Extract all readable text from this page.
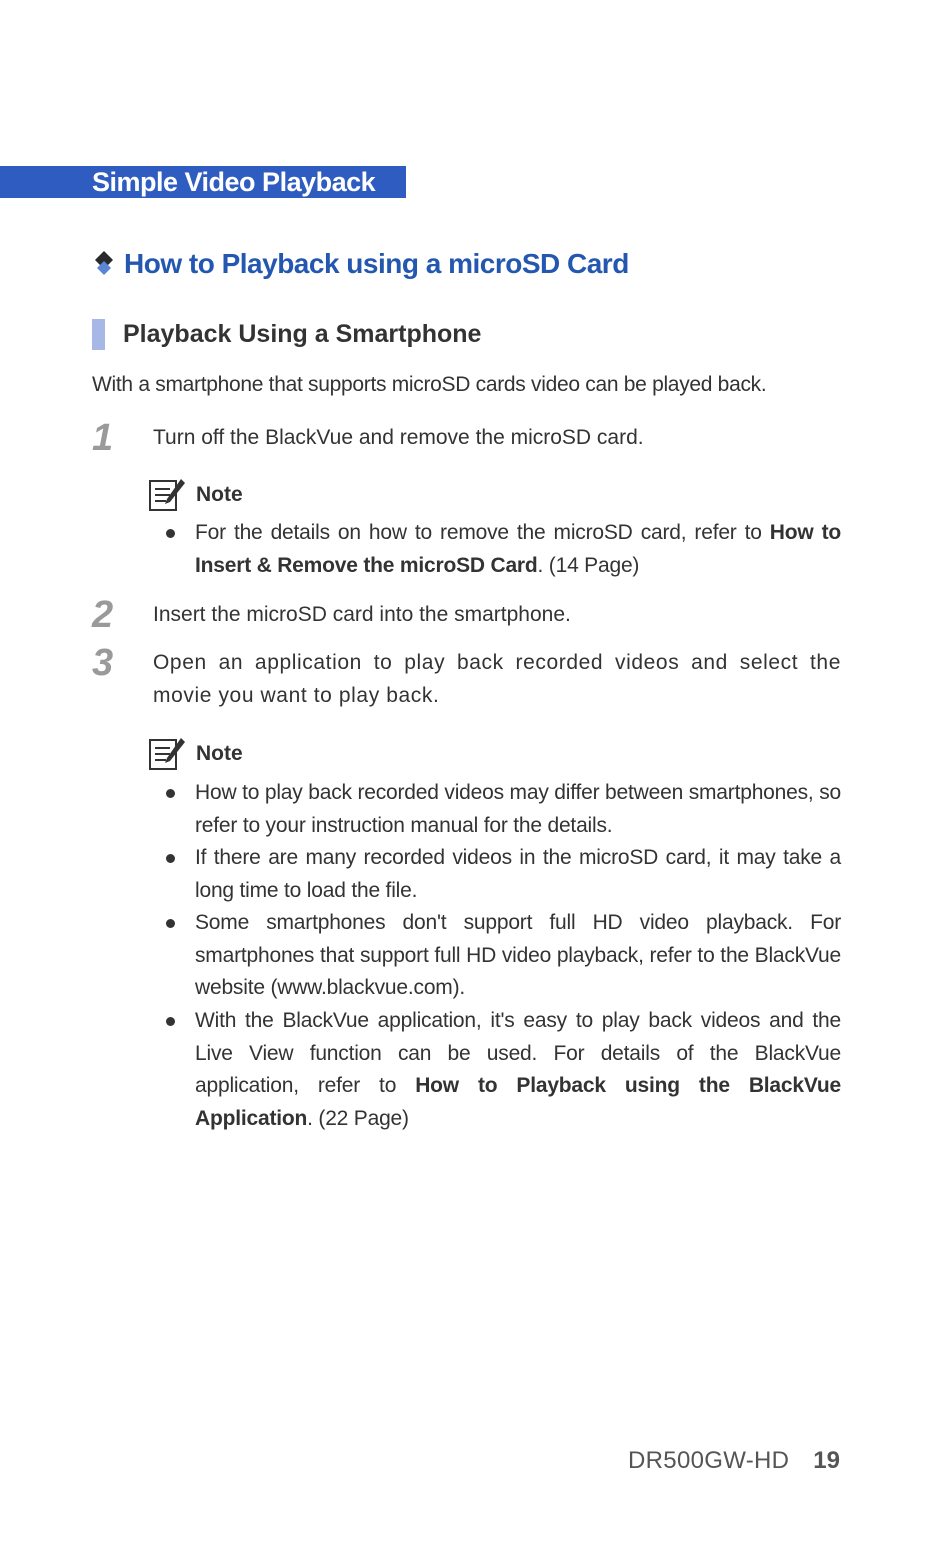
Simple Video Playback
How to Playback using a microSD Card
Playback Using a Smartphone
With a smartphone that supports microSD cards video can be played back.
1 Turn off the BlackVue and remove the microSD card.
Note
For the details on how to remove the microSD card, refer to How to Insert & Remove the microSD Card. (14 Page)
2 Insert the microSD card into the smartphone.
3 Open an application to play back recorded videos and select the movie you want to play back.
Note
How to play back recorded videos may differ between smartphones, so refer to your instruction manual for the details.
If there are many recorded videos in the microSD card, it may take a long time to load the file.
Some smartphones don't support full HD video playback. For smartphones that support full HD video playback, refer to the BlackVue website (www.blackvue.com).
With the BlackVue application, it's easy to play back videos and the Live View function can be used. For details of the BlackVue application, refer to How to Playback using the BlackVue Application. (22 Page)
DR500GW-HD 19
